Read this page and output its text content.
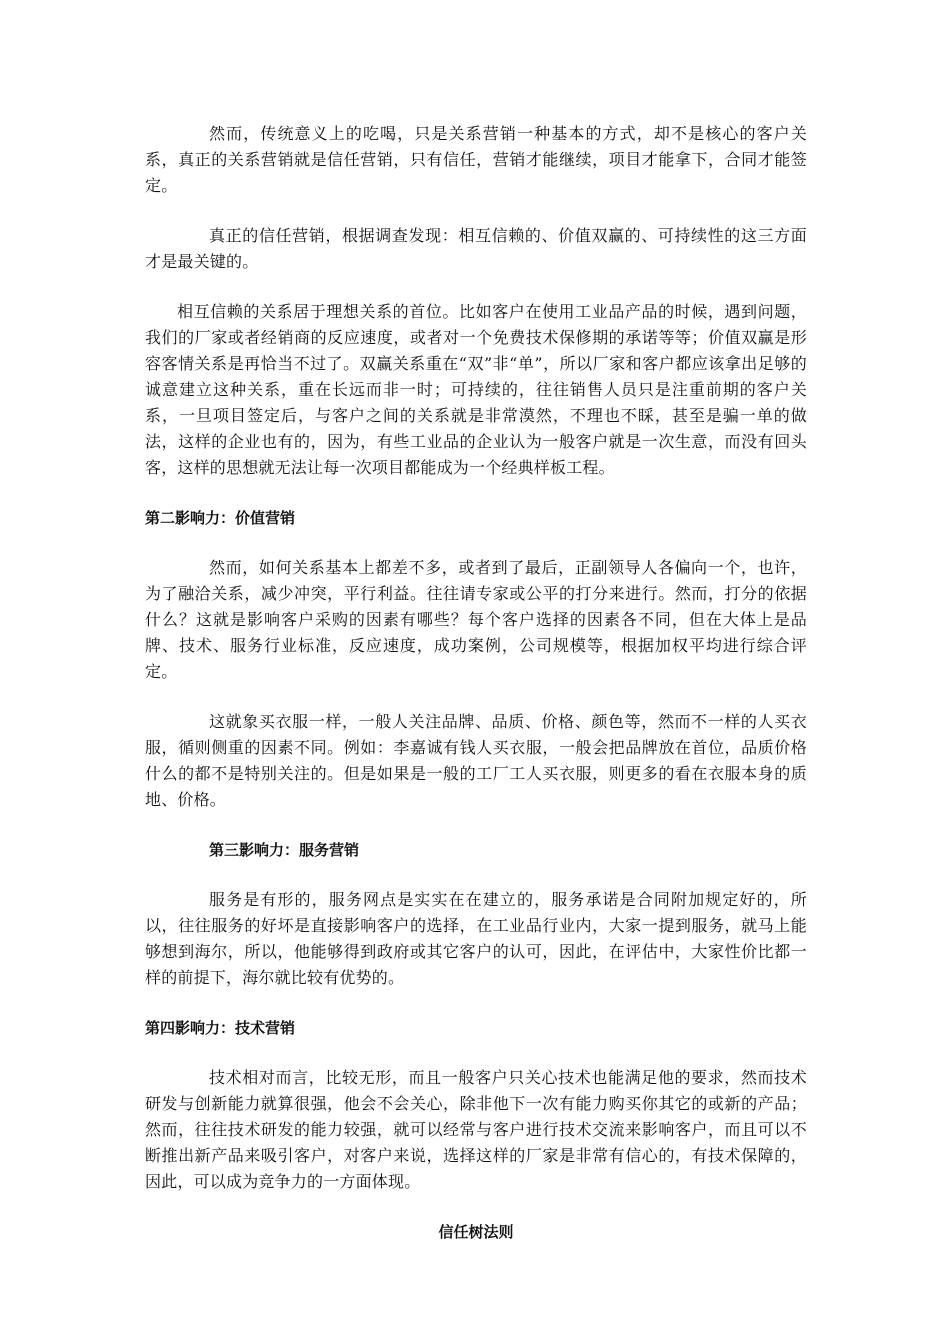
然而，传统意义上的吃喝，只是关系营销一种基本的方式，却不是核心的客户关系，真正的关系营销就是信任营销，只有信任，营销才能继续，项目才能拿下，合同才能签定。

真正的信任营销，根据调查发现：相互信赖的、价值双赢的、可持续性的这三方面才是最关键的。

相互信赖的关系居于理想关系的首位。比如客户在使用工业品产品的时候，遇到问题，我们的厂家或者经销商的反应速度，或者对一个免费技术保修期的承诺等等；价值双赢是形容客情关系是再恰当不过了。双赢关系重在“双”非“单”，所以厂家和客户都应该拿出足够的诚意建立这种关系，重在长远而非一时；可持续的，往往销售人员只是注重前期的客户关系，一旦项目签定后，与客户之间的关系就是非常漠然，不理也不睬，甚至是骗一单的做法，这样的企业也有的，因为，有些工业品的企业认为一般客户就是一次生意，而没有回头客，这样的思想就无法让每一次项目都能成为一个经典样板工程。

第二影响力：价值营销

然而，如何关系基本上都差不多，或者到了最后，正副领导人各偏向一个，也许，为了融洽关系，减少冲突，平行利益。往往请专家或公平的打分来进行。然而，打分的依据什么？这就是影响客户采购的因素有哪些？每个客户选择的因素各不同，但在大体上是品牌、技术、服务行业标准，反应速度，成功案例，公司规模等，根据加权平均进行综合评定。

这就象买衣服一样，一般人关注品牌、品质、价格、颜色等，然而不一样的人买衣服，循则侧重的因素不同。例如：李嘉诚有钱人买衣服，一般会把品牌放在首位，品质价格什么的都不是特别关注的。但是如果是一般的工厂工人买衣服，则更多的看在衣服本身的质地、价格。

第三影响力：服务营销

服务是有形的，服务网点是实实在在建立的，服务承诺是合同附加规定好的，所以，往往服务的好坏是直接影响客户的选择，在工业品行业内，大家一提到服务，就马上能够想到海尔，所以，他能够得到政府或其它客户的认可，因此，在评估中，大家性价比都一样的前提下，海尔就比较有优势的。

第四影响力：技术营销

技术相对而言，比较无形，而且一般客户只关心技术也能满足他的要求，然而技术研发与创新能力就算很强，他会不会关心，除非他下一次有能力购买你其它的或新的产品；然而，往往技术研发的能力较强，就可以经常与客户进行技术交流来影响客户，而且可以不断推出新产品来吸引客户，对客户来说，选择这样的厂家是非常有信心的，有技术保障的，因此，可以成为竞争力的一方面体现。

信任树法则
